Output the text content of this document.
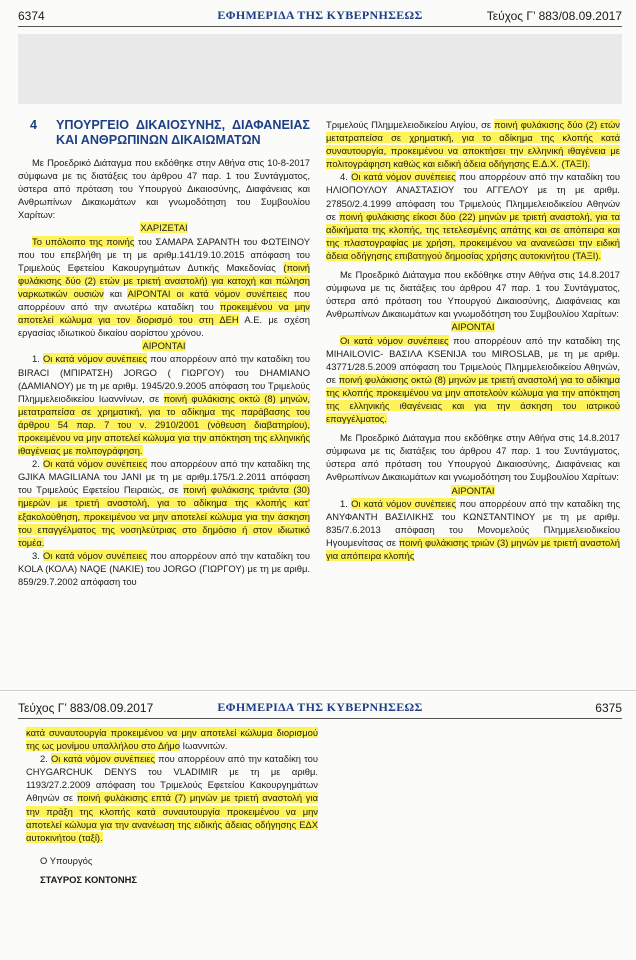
6374	ΕΦΗΜΕΡΙΔΑ ΤΗΣ ΚΥΒΕΡΝΗΣΕΩΣ	Τεύχος Γ’ 883/08.09.2017
4 ΥΠΟΥΡΓΕΙΟ ΔΙΚΑΙΟΣΥΝΗΣ, ΔΙΑΦΑΝΕΙΑΣ ΚΑΙ ΑΝΘΡΩΠΙΝΩΝ ΔΙΚΑΙΩΜΑΤΩΝ

Με Προεδρικό Διάταγμα που εκδόθηκε στην Αθήνα στις 10-8-2017 σύμφωνα με τις διατάξεις του άρθρου 47 παρ. 1 του Συντάγματος, ύστερα από πρόταση του Υπουργού Δικαιοσύνης, Διαφάνειας και Ανθρωπίνων Δικαιωμάτων και γνωμοδότηση του Συμβουλίου Χαρίτων:

ΧΑΡΙΖΕΤΑΙ

Το υπόλοιπο της ποινής του ΣΑΜΑΡΑ ΣΑΡΑΝΤΗ του ΦΩΤΕΙΝΟΥ που του επεβλήθη με τη με αριθμ.141/19.10.2015 απόφαση του Τριμελούς Εφετείου Κακουργημάτων Δυτικής Μακεδονίας (ποινή φυλάκισης δύο (2) ετών με τριετή αναστολή) για κατοχή και πώληση ναρκωτικών ουσιών και ΑΙΡΟΝΤΑΙ οι κατά νόμον συνέπειες που απορρέουν από την ανωτέρω καταδίκη του προκειμένου να μην αποτελεί κώλυμα για τον διορισμό του στη ΔΕΗ Α.Ε. με σχέση εργασίας ιδιωτικού δικαίου αορίστου χρόνου.

ΑΙΡΟΝΤΑΙ

1. Οι κατά νόμον συνέπειες που απορρέουν από την καταδίκη του BIRACI (ΜΠΙΡΑΤΣΗ) JORGO ( ΓΙΩΡΓΟΥ) του DHAMIANO (ΔΑΜΙΑΝΟΥ) με τη με αριθμ. 1945/20.9.2005 απόφαση του Τριμελούς Πλημμελειοδικείου Ιωαννίνων, σε ποινή φυλάκισης οκτώ (8) μηνών, μετατραπείσα σε χρηματική, για το αδίκημα της παράβασης του άρθρου 54 παρ. 7 του ν. 2910/2001 (νόθευση διαβατηρίου), προκειμένου να μην αποτελεί κώλυμα για την απόκτηση της ελληνικής ιθαγένειας με πολιτογράφηση.

2. Οι κατά νόμον συνέπειες που απορρέουν από την καταδίκη της GJIKA MAGILIANA του JANI με τη με αριθμ.175/1.2.2011 απόφαση του Τριμελούς Εφετείου Πειραιώς, σε ποινή φυλάκισης τριάντα (30) ημερών με τριετή αναστολή, για το αδίκημα της κλοπής κατ’ εξακολούθηση, προκειμένου να μην αποτελεί κώλυμα για την άσκηση του επαγγέλματος της νοσηλεύτριας στο δημόσιο ή στον ιδιωτικό τομέα.

3. Οι κατά νόμον συνέπειες που απορρέουν από την καταδίκη του KOLA (ΚΟΛΑ) NAQE (ΝΑΚΙΕ) του JORGO (ΓΙΩΡΓΟΥ) με τη με αριθμ. 859/29.7.2002 απόφαση του

Τριμελούς Πλημμελειοδικείου Αιγίου, σε ποινή φυλάκισης δύο (2) ετών μετατραπείσα σε χρηματική, για το αδίκημα της κλοπής κατά συναυτουργία, προκειμένου να αποκτήσει την ελληνική ιθαγένεια με πολιτογράφηση καθώς και ειδική άδεια οδήγησης Ε.Δ.Χ. (ΤΑΞΙ).

4. Οι κατά νόμον συνέπειες που απορρέουν από την καταδίκη του ΗΛΙΟΠΟΥΛΟΥ ΑΝΑΣΤΑΣΙΟΥ του ΑΓΓΕΛΟΥ με τη με αριθμ. 27850/2.4.1999 απόφαση του Τριμελούς Πλημμελειοδικείου Αθηνών σε ποινή φυλάκισης είκοσι δύο (22) μηνών με τριετή αναστολή, για τα αδικήματα της κλοπής, της τετελεσμένης απάτης και σε απόπειρα και της πλαστογραφίας με χρήση, προκειμένου να ανανεώσει την ειδική άδεια οδήγησης επιβατηγού δημοσίας χρήσης αυτοκινήτου (ΤΑΞΙ).

Με Προεδρικό Διάταγμα που εκδόθηκε στην Αθήνα στις 14.8.2017 σύμφωνα με τις διατάξεις του άρθρου 47 παρ. 1 του Συντάγματος, ύστερα από πρόταση του Υπουργού Δικαιοσύνης, Διαφάνειας και Ανθρωπίνων Δικαιωμάτων και γνωμοδότηση του Συμβουλίου Χαρίτων:

ΑΙΡΟΝΤΑΙ

Οι κατά νόμον συνέπειες που απορρέουν από την καταδίκη της MIHAILOVIC- ΒΑΣΙΛΑ KSENIJA του MIROSLAB, με τη με αριθμ. 43771/28.5.2009 απόφαση του Τριμελούς Πλημμελειοδικείου Αθηνών, σε ποινή φυλάκισης οκτώ (8) μηνών με τριετή αναστολή για το αδίκημα της κλοπής προκειμένου να μην αποτελούν κώλυμα για την απόκτηση της ελληνικής ιθαγένειας και για την άσκηση του ιατρικού επαγγέλματος.

Με Προεδρικό Διάταγμα που εκδόθηκε στην Αθήνα στις 14.8.2017 σύμφωνα με τις διατάξεις του άρθρου 47 παρ. 1 του Συντάγματος, ύστερα από πρόταση του Υπουργού Δικαιοσύνης, Διαφάνειας και Ανθρωπίνων Δικαιωμάτων και γνωμοδότηση του Συμβουλίου Χαρίτων:

ΑΙΡΟΝΤΑΙ

1. Οι κατά νόμον συνέπειες που απορρέουν από την καταδίκη της ΑΝΥΦΑΝΤΗ ΒΑΣΙΛΙΚΗΣ του ΚΩΝΣΤΑΝΤΙΝΟΥ με τη με αριθμ. 835/7.6.2013 απόφαση του Μονομελούς Πλημμελειοδικείου Ηγουμενίτσας σε ποινή φυλάκισης τριών (3) μηνών με τριετή αναστολή για απόπειρα κλοπής

Τεύχος Γ’ 883/08.09.2017	ΕΦΗΜΕΡΙΔΑ ΤΗΣ ΚΥΒΕΡΝΗΣΕΩΣ	6375

κατά συναυτουργία προκειμένου να μην αποτελεί κώλυμα διορισμού της ως μονίμου υπαλλήλου στο Δήμο Ιωαννιτών.

2. Οι κατά νόμον συνέπειες που απορρέουν από την καταδίκη του CHYGARCHUK DENYS του VLADIMIR με τη με αριθμ. 1193/27.2.2009 απόφαση του Τριμελούς Εφετείου Κακουργημάτων Αθηνών σε ποινή φυλάκισης επτά (7) μηνών με τριετή αναστολή για την πράξη της κλοπής κατά συναυτουργία προκειμένου να μην αποτελεί κώλυμα για την ανανέωση της ειδικής άδειας οδήγησης ΕΔΧ αυτοκινήτου (ταξί).

Ο Υπουργός

ΣΤΑΥΡΟΣ ΚΟΝΤΟΝΗΣ
